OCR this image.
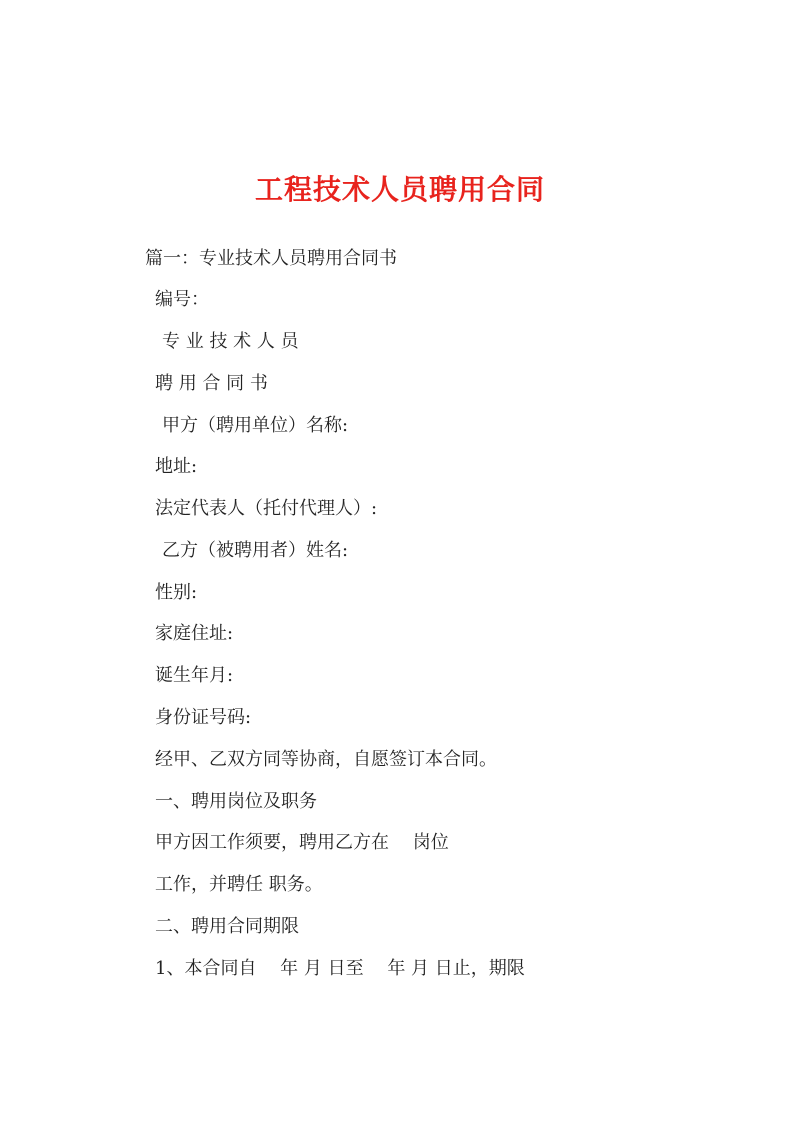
工程技术人员聘用合同
篇一：专业技术人员聘用合同书
编号：
专 业 技 术 人 员
聘 用 合 同 书
甲方（聘用单位）名称:
地址:
法定代表人（托付代理人）:
乙方（被聘用者）姓名:
性别:
家庭住址:
诞生年月:
身份证号码:
经甲、乙双方同等协商，自愿签订本合同。
一、聘用岗位及职务
甲方因工作须要，聘用乙方在　 岗位
工作，并聘任 职务。
二、聘用合同期限
1、本合同自　 年 月 日至　 年 月 日止，期限
